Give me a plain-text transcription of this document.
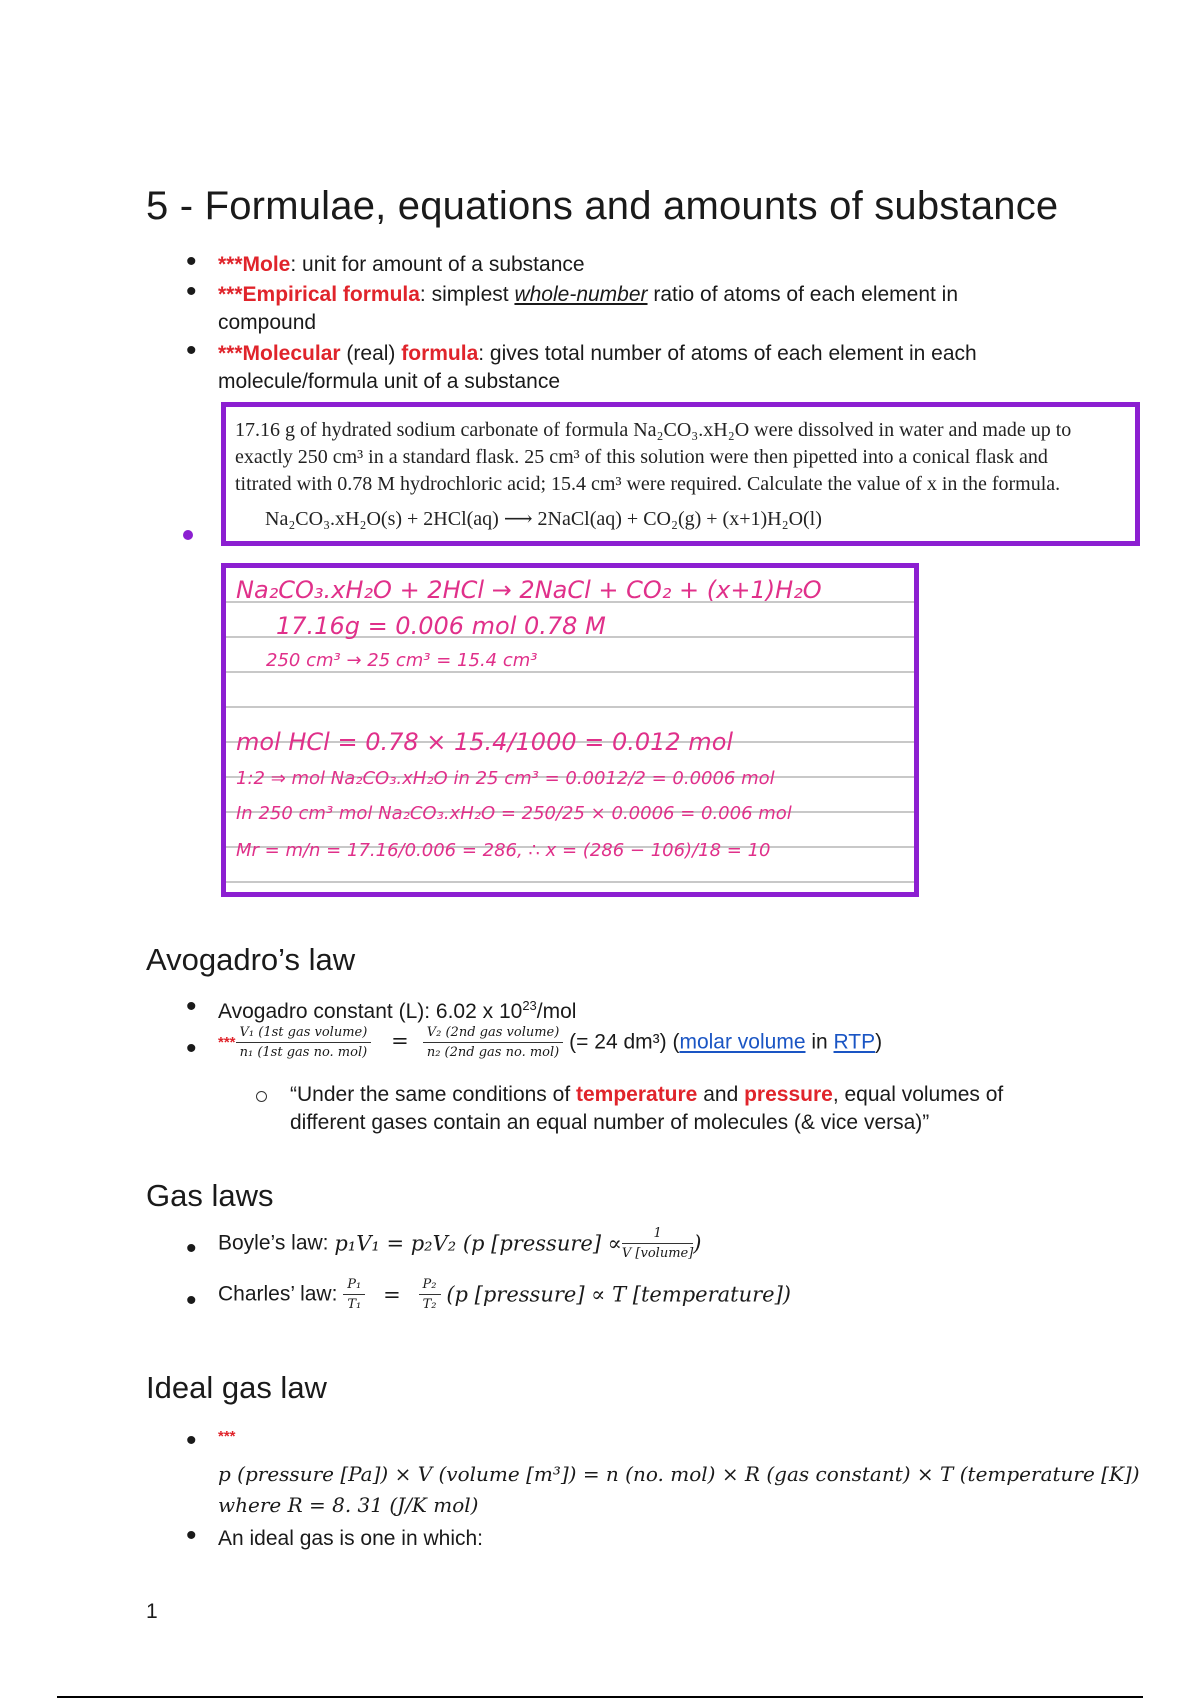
5 - Formulae, equations and amounts of substance
• ***Mole: unit for amount of a substance
• ***Empirical formula: simplest whole-number ratio of atoms of each element in
compound
• ***Molecular (real) formula: gives total number of atoms of each element in each
molecule/formula unit of a substance
17.16 g of hydrated sodium carbonate of formula Na₂CO₃.xH₂O were dissolved in water and made up to
exactly 250 cm³ in a standard flask. 25 cm³ of this solution were then pipetted into a conical flask and
titrated with 0.78 M hydrochloric acid; 15.4 cm³ were required. Calculate the value of x in the formula.
Na₂CO₃.xH₂O(s) + 2HCl(aq) ⟶ 2NaCl(aq) + CO₂(g) + (x+1)H₂O(l)
Na₂CO₃.xH₂O + 2HCl → 2NaCl + CO₂ + (x+1)H₂O
17.16g = 0.006 mol 0.78 M
250 cm³ → 25 cm³ = 15.4 cm³
mol HCl = 0.78 × 15.4/1000 = 0.012 mol
1:2 ⇒ mol Na₂CO₃.xH₂O in 25 cm³ = 0.0012/2 = 0.0006 mol
In 250 cm³ mol Na₂CO₃.xH₂O = 250/25 × 0.0006 = 0.006 mol
Mr = m/n = 17.16/0.006 = 286, ∴ x = (286 − 106)/18 = 10
Avogadro’s law
• Avogadro constant (L): 6.02 x $10^{23}$/mol
• *** $\frac{\text{V₁ (1st gas volume)}}{\text{n₁ (1st gas no. mol)}} = \frac{\text{V₂ (2nd gas volume)}}{\text{n₂ (2nd gas no. mol)}}$ (= 24 dm³) (molar volume in RTP)
“Under the same conditions of temperature and pressure, equal volumes of
different gases contain an equal number of molecules (& vice versa)”
Gas laws
• Boyle’s law: p₁V₁ = p₂V₂ (p [pressure] ∝ $\frac{1}{\text{V [volume]}}$ )
• Charles’ law: $\frac{\text{P₁}}{\text{T₁}} = \frac{\text{P₂}}{\text{T₂}} (p$ [pressure] ∝ T [temperature])
Ideal gas law
• ***
p (pressure [Pa]) × V (volume [m³]) = n (no. mol) × R (gas constant) × T (temperature [K])
where R = 8. 31 (J/K mol)
• An ideal gas is one in which:
1
